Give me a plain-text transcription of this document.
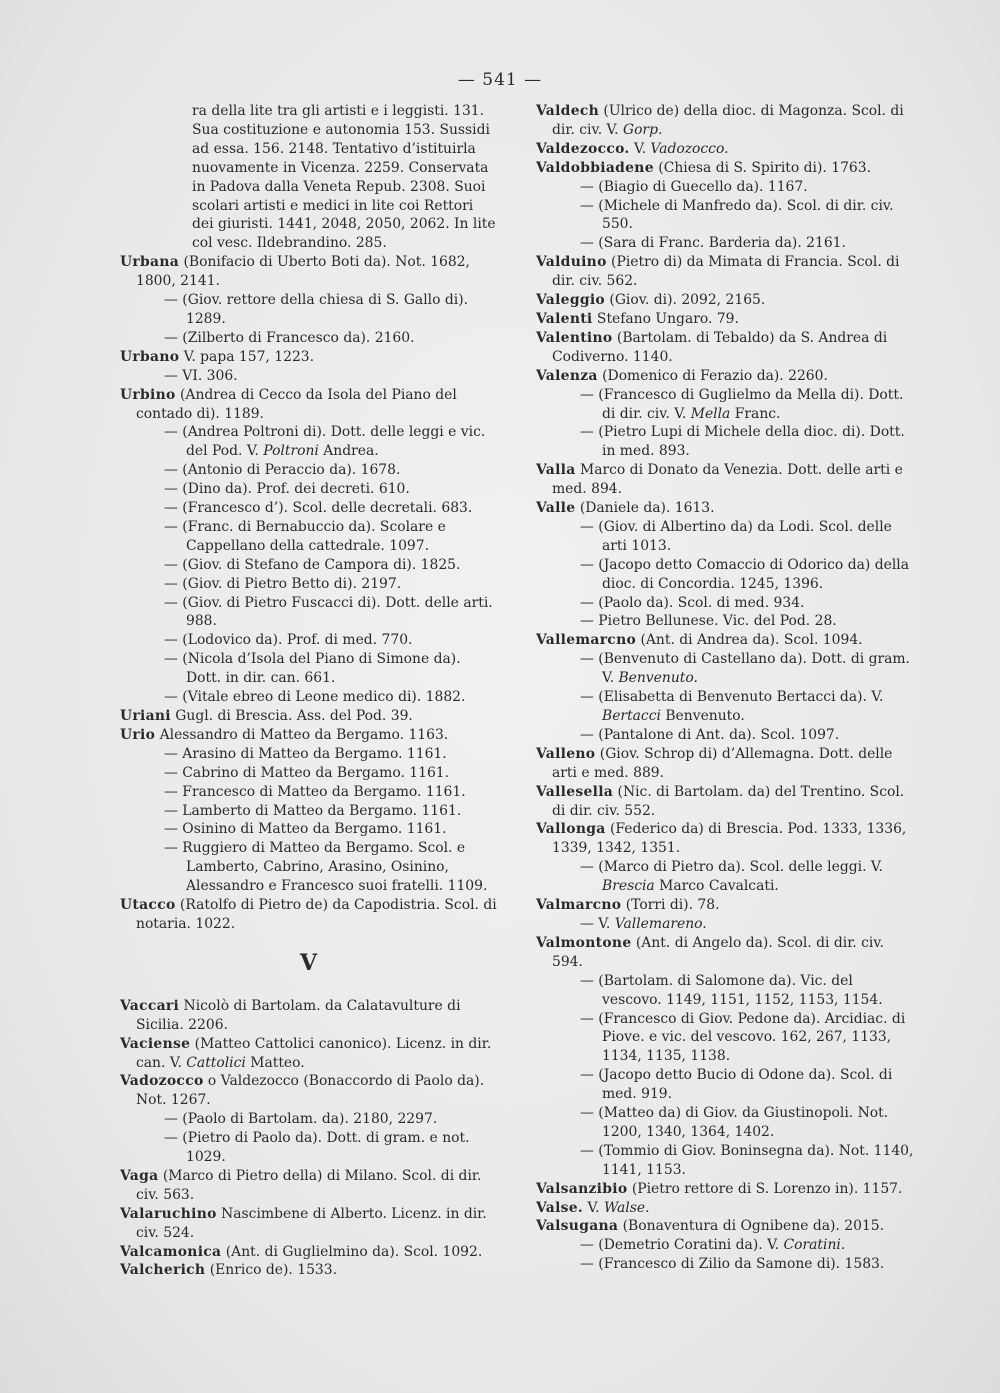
— 541 —

ra della lite tra gli artisti e i leggisti. 131. Sua costituzione e autonomia 153. Sussidi ad essa. 156. 2148. Tentativo d’istituirla nuovamente in Vicenza. 2259. Conservata in Padova dalla Veneta Repub. 2308. Suoi scolari artisti e medici in lite coi Rettori dei giuristi. 1441, 2048, 2050, 2062. In lite col vesc. Ildebrandino. 285.

Urbana (Bonifacio di Uberto Boti da). Not. 1682, 1800, 2141.

— (Giov. rettore della chiesa di S. Gallo di). 1289.

— (Zilberto di Francesco da). 2160.

Urbano V. papa 157, 1223.

— VI. 306.

Urbino (Andrea di Cecco da Isola del Piano del contado di). 1189.

— (Andrea Poltroni di). Dott. delle leggi e vic. del Pod. V. Poltroni Andrea.

— (Antonio di Peraccio da). 1678.

— (Dino da). Prof. dei decreti. 610.

— (Francesco d’). Scol. delle decretali. 683.

— (Franc. di Bernabuccio da). Scolare e Cappellano della cattedrale. 1097.

— (Giov. di Stefano de Campora di). 1825.

— (Giov. di Pietro Betto di). 2197.

— (Giov. di Pietro Fuscacci di). Dott. delle arti. 988.

— (Lodovico da). Prof. di med. 770.

— (Nicola d’Isola del Piano di Simone da). Dott. in dir. can. 661.

— (Vitale ebreo di Leone medico di). 1882.

Uriani Gugl. di Brescia. Ass. del Pod. 39.

Urio Alessandro di Matteo da Bergamo. 1163.

— Arasino di Matteo da Bergamo. 1161.

— Cabrino di Matteo da Bergamo. 1161.

— Francesco di Matteo da Bergamo. 1161.

— Lamberto di Matteo da Bergamo. 1161.

— Osinino di Matteo da Bergamo. 1161.

— Ruggiero di Matteo da Bergamo. Scol. e Lamberto, Cabrino, Arasino, Osinino, Alessandro e Francesco suoi fratelli. 1109.

Utacco (Ratolfo di Pietro de) da Capodistria. Scol. di notaria. 1022.

V

Vaccari Nicolò di Bartolam. da Calatavulture di Sicilia. 2206.

Vaciense (Matteo Cattolici canonico). Licenz. in dir. can. V. Cattolici Matteo.

Vadozocco o Valdezocco (Bonaccordo di Paolo da). Not. 1267.

— (Paolo di Bartolam. da). 2180, 2297.

— (Pietro di Paolo da). Dott. di gram. e not. 1029.

Vaga (Marco di Pietro della) di Milano. Scol. di dir. civ. 563.

Valaruchino Nascimbene di Alberto. Licenz. in dir. civ. 524.

Valcamonica (Ant. di Guglielmino da). Scol. 1092.

Valcherich (Enrico de). 1533.

Valdech (Ulrico de) della dioc. di Magonza. Scol. di dir. civ. V. Gorp.

Valdezocco. V. Vadozocco.

Valdobbiadene (Chiesa di S. Spirito di). 1763.

— (Biagio di Guecello da). 1167.

— (Michele di Manfredo da). Scol. di dir. civ. 550.

— (Sara di Franc. Barderia da). 2161.

Valduino (Pietro di) da Mimata di Francia. Scol. di dir. civ. 562.

Valeggio (Giov. di). 2092, 2165.

Valenti Stefano Ungaro. 79.

Valentino (Bartolam. di Tebaldo) da S. Andrea di Codiverno. 1140.

Valenza (Domenico di Ferazio da). 2260.

— (Francesco di Guglielmo da Mella di). Dott. di dir. civ. V. Mella Franc.

— (Pietro Lupi di Michele della dioc. di). Dott. in med. 893.

Valla Marco di Donato da Venezia. Dott. delle arti e med. 894.

Valle (Daniele da). 1613.

— (Giov. di Albertino da) da Lodi. Scol. delle arti 1013.

— (Jacopo detto Comaccio di Odorico da) della dioc. di Concordia. 1245, 1396.

— (Paolo da). Scol. di med. 934.

— Pietro Bellunese. Vic. del Pod. 28.

Vallemarcno (Ant. di Andrea da). Scol. 1094.

— (Benvenuto di Castellano da). Dott. di gram. V. Benvenuto.

— (Elisabetta di Benvenuto Bertacci da). V. Bertacci Benvenuto.

— (Pantalone di Ant. da). Scol. 1097.

Valleno (Giov. Schrop di) d’Allemagna. Dott. delle arti e med. 889.

Vallesella (Nic. di Bartolam. da) del Trentino. Scol. di dir. civ. 552.

Vallonga (Federico da) di Brescia. Pod. 1333, 1336, 1339, 1342, 1351.

— (Marco di Pietro da). Scol. delle leggi. V. Brescia Marco Cavalcati.

Valmarcno (Torri di). 78.

— V. Vallemareno.

Valmontone (Ant. di Angelo da). Scol. di dir. civ. 594.

— (Bartolam. di Salomone da). Vic. del vescovo. 1149, 1151, 1152, 1153, 1154.

— (Francesco di Giov. Pedone da). Arcidiac. di Piove. e vic. del vescovo. 162, 267, 1133, 1134, 1135, 1138.

— (Jacopo detto Bucio di Odone da). Scol. di med. 919.

— (Matteo da) di Giov. da Giustinopoli. Not. 1200, 1340, 1364, 1402.

— (Tommio di Giov. Boninsegna da). Not. 1140, 1141, 1153.

Valsanzibio (Pietro rettore di S. Lorenzo in). 1157.

Valse. V. Walse.

Valsugana (Bonaventura di Ognibene da). 2015.

— (Demetrio Coratini da). V. Coratini.

— (Francesco di Zilio da Samone di). 1583.
